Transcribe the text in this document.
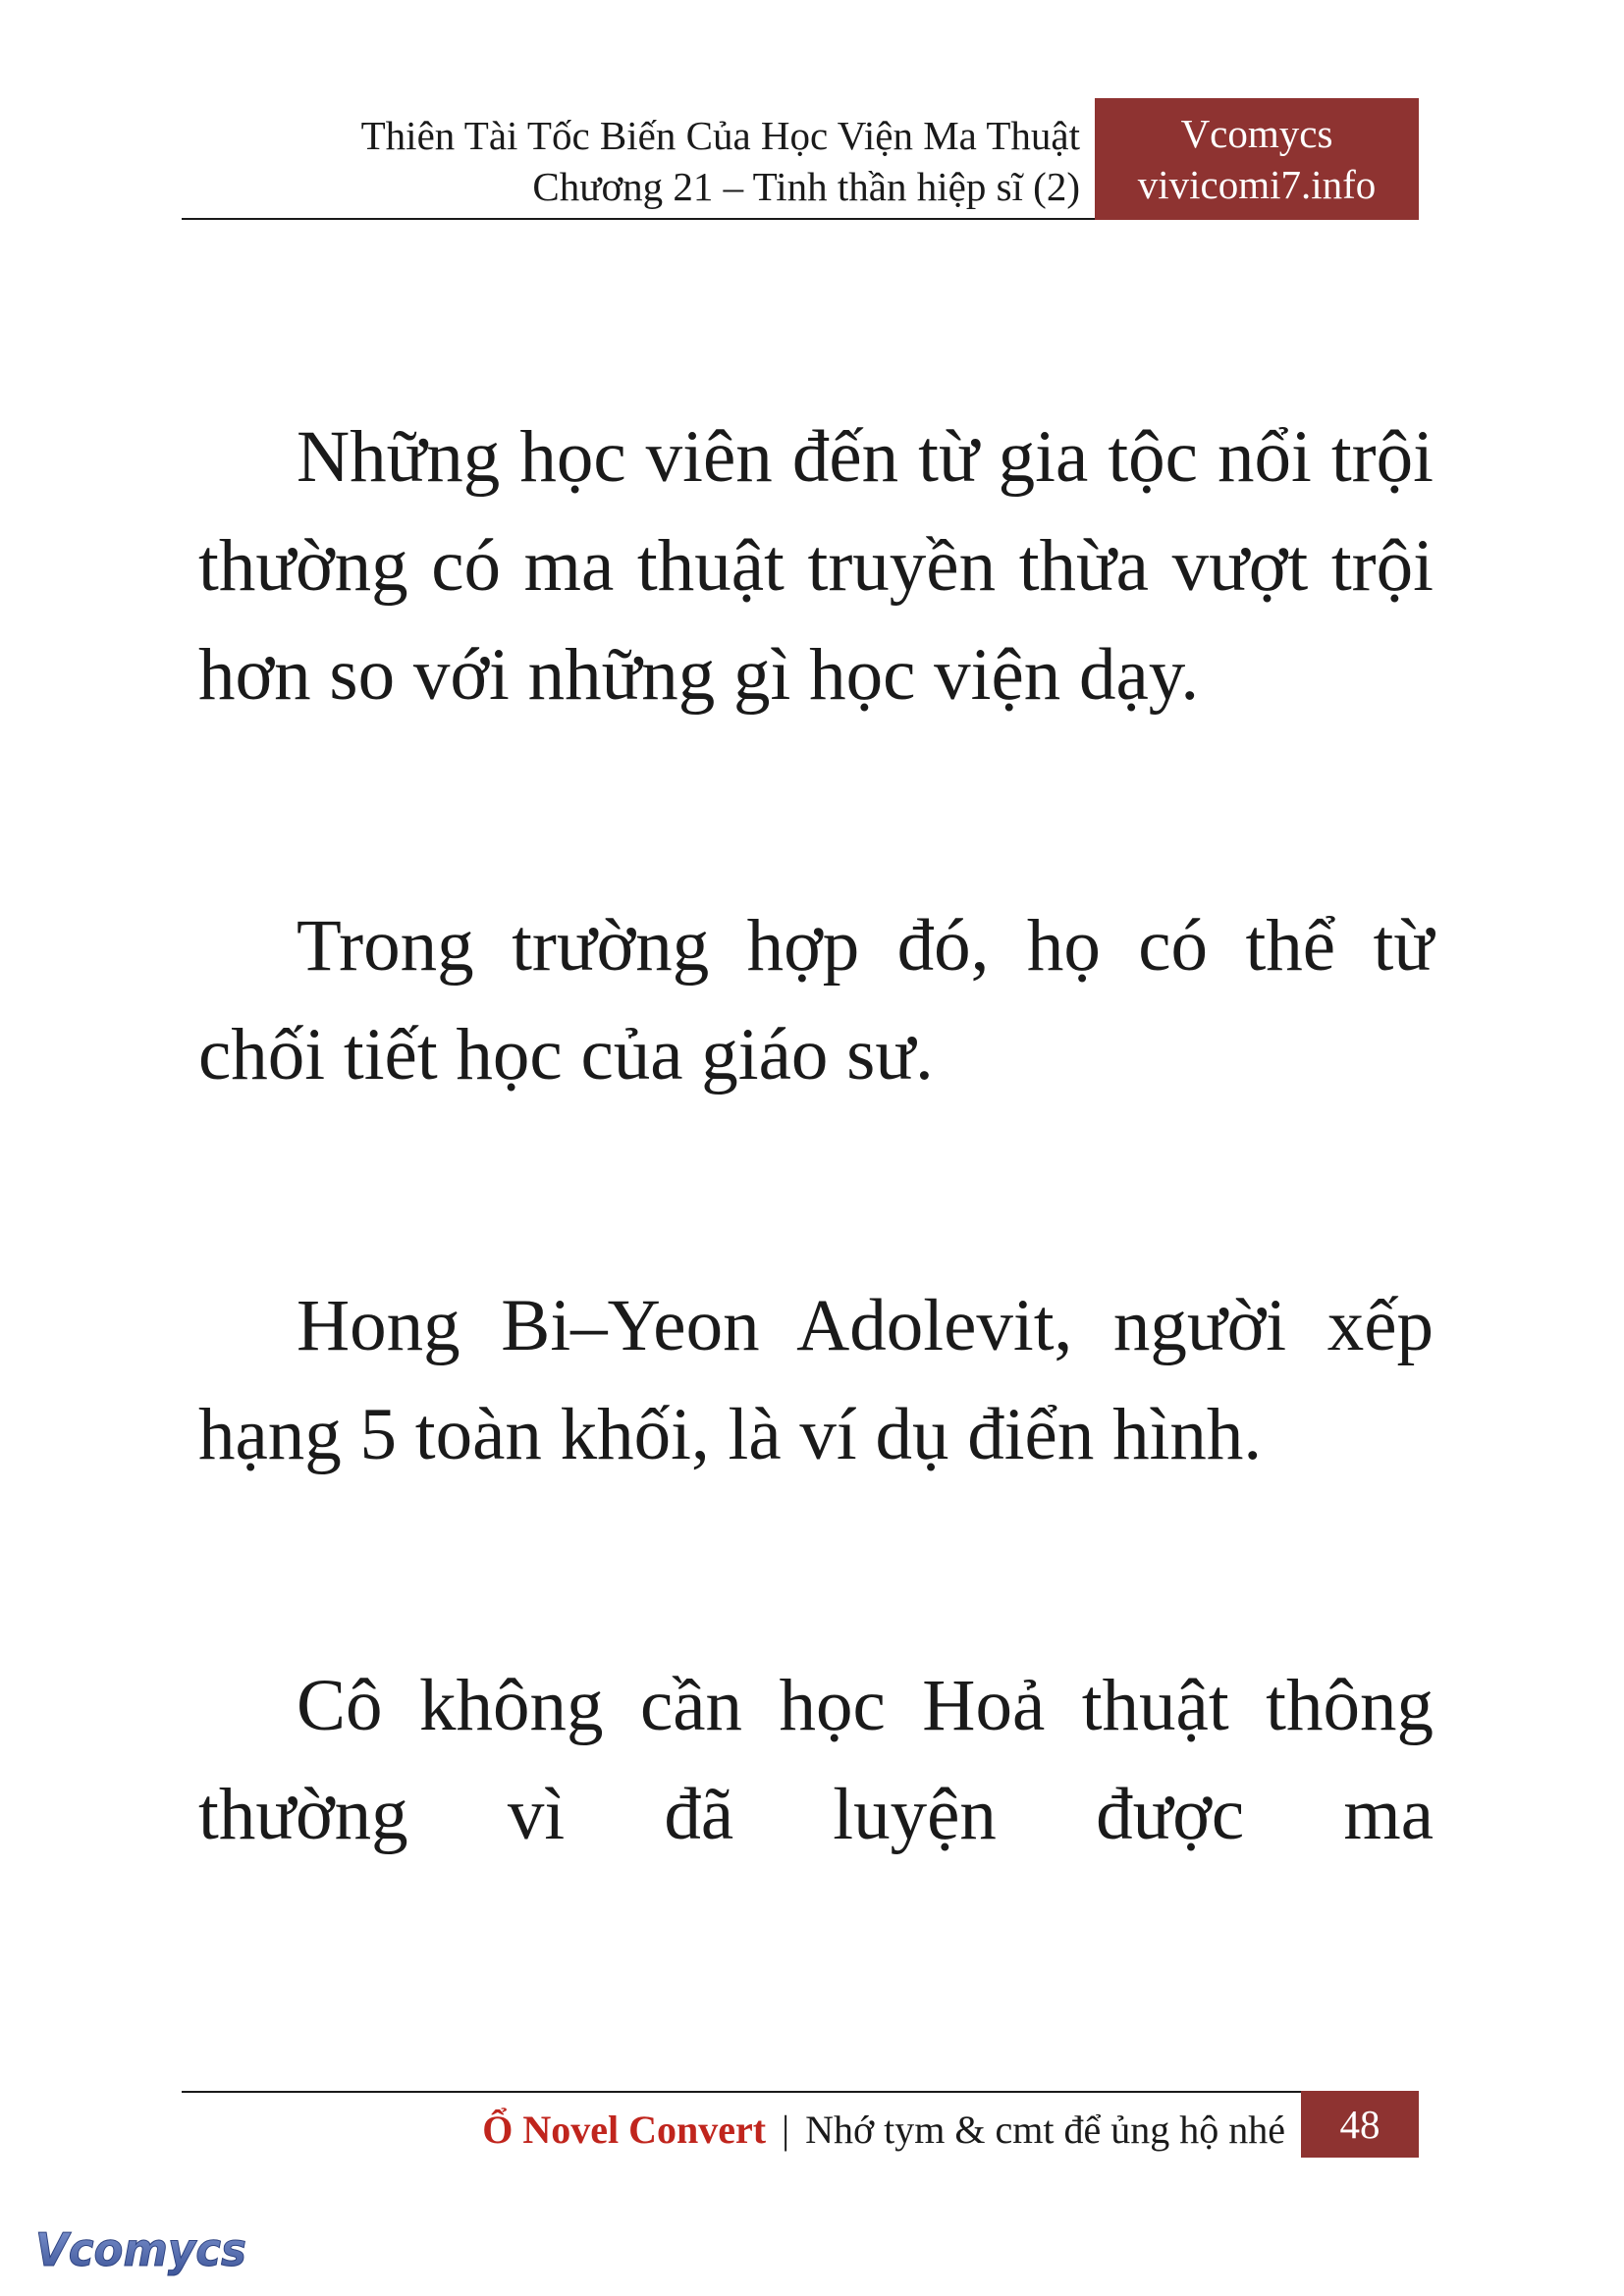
Thiên Tài Tốc Biến Của Học Viện Ma Thuật
Chương 21 – Tinh thần hiệp sĩ (2)
Vcomycs
vivicomi7.info

Những học viên đến từ gia tộc nổi trội thường có ma thuật truyền thừa vượt trội hơn so với những gì học viện dạy.

Trong trường hợp đó, họ có thể từ chối tiết học của giáo sư.

Hong Bi–Yeon Adolevit, người xếp hạng 5 toàn khối, là ví dụ điển hình.

Cô không cần học Hoả thuật thông thường vì đã luyện được ma

Ổ Novel Convert | Nhớ tym & cmt để ủng hộ nhé	48
Vcomycs
